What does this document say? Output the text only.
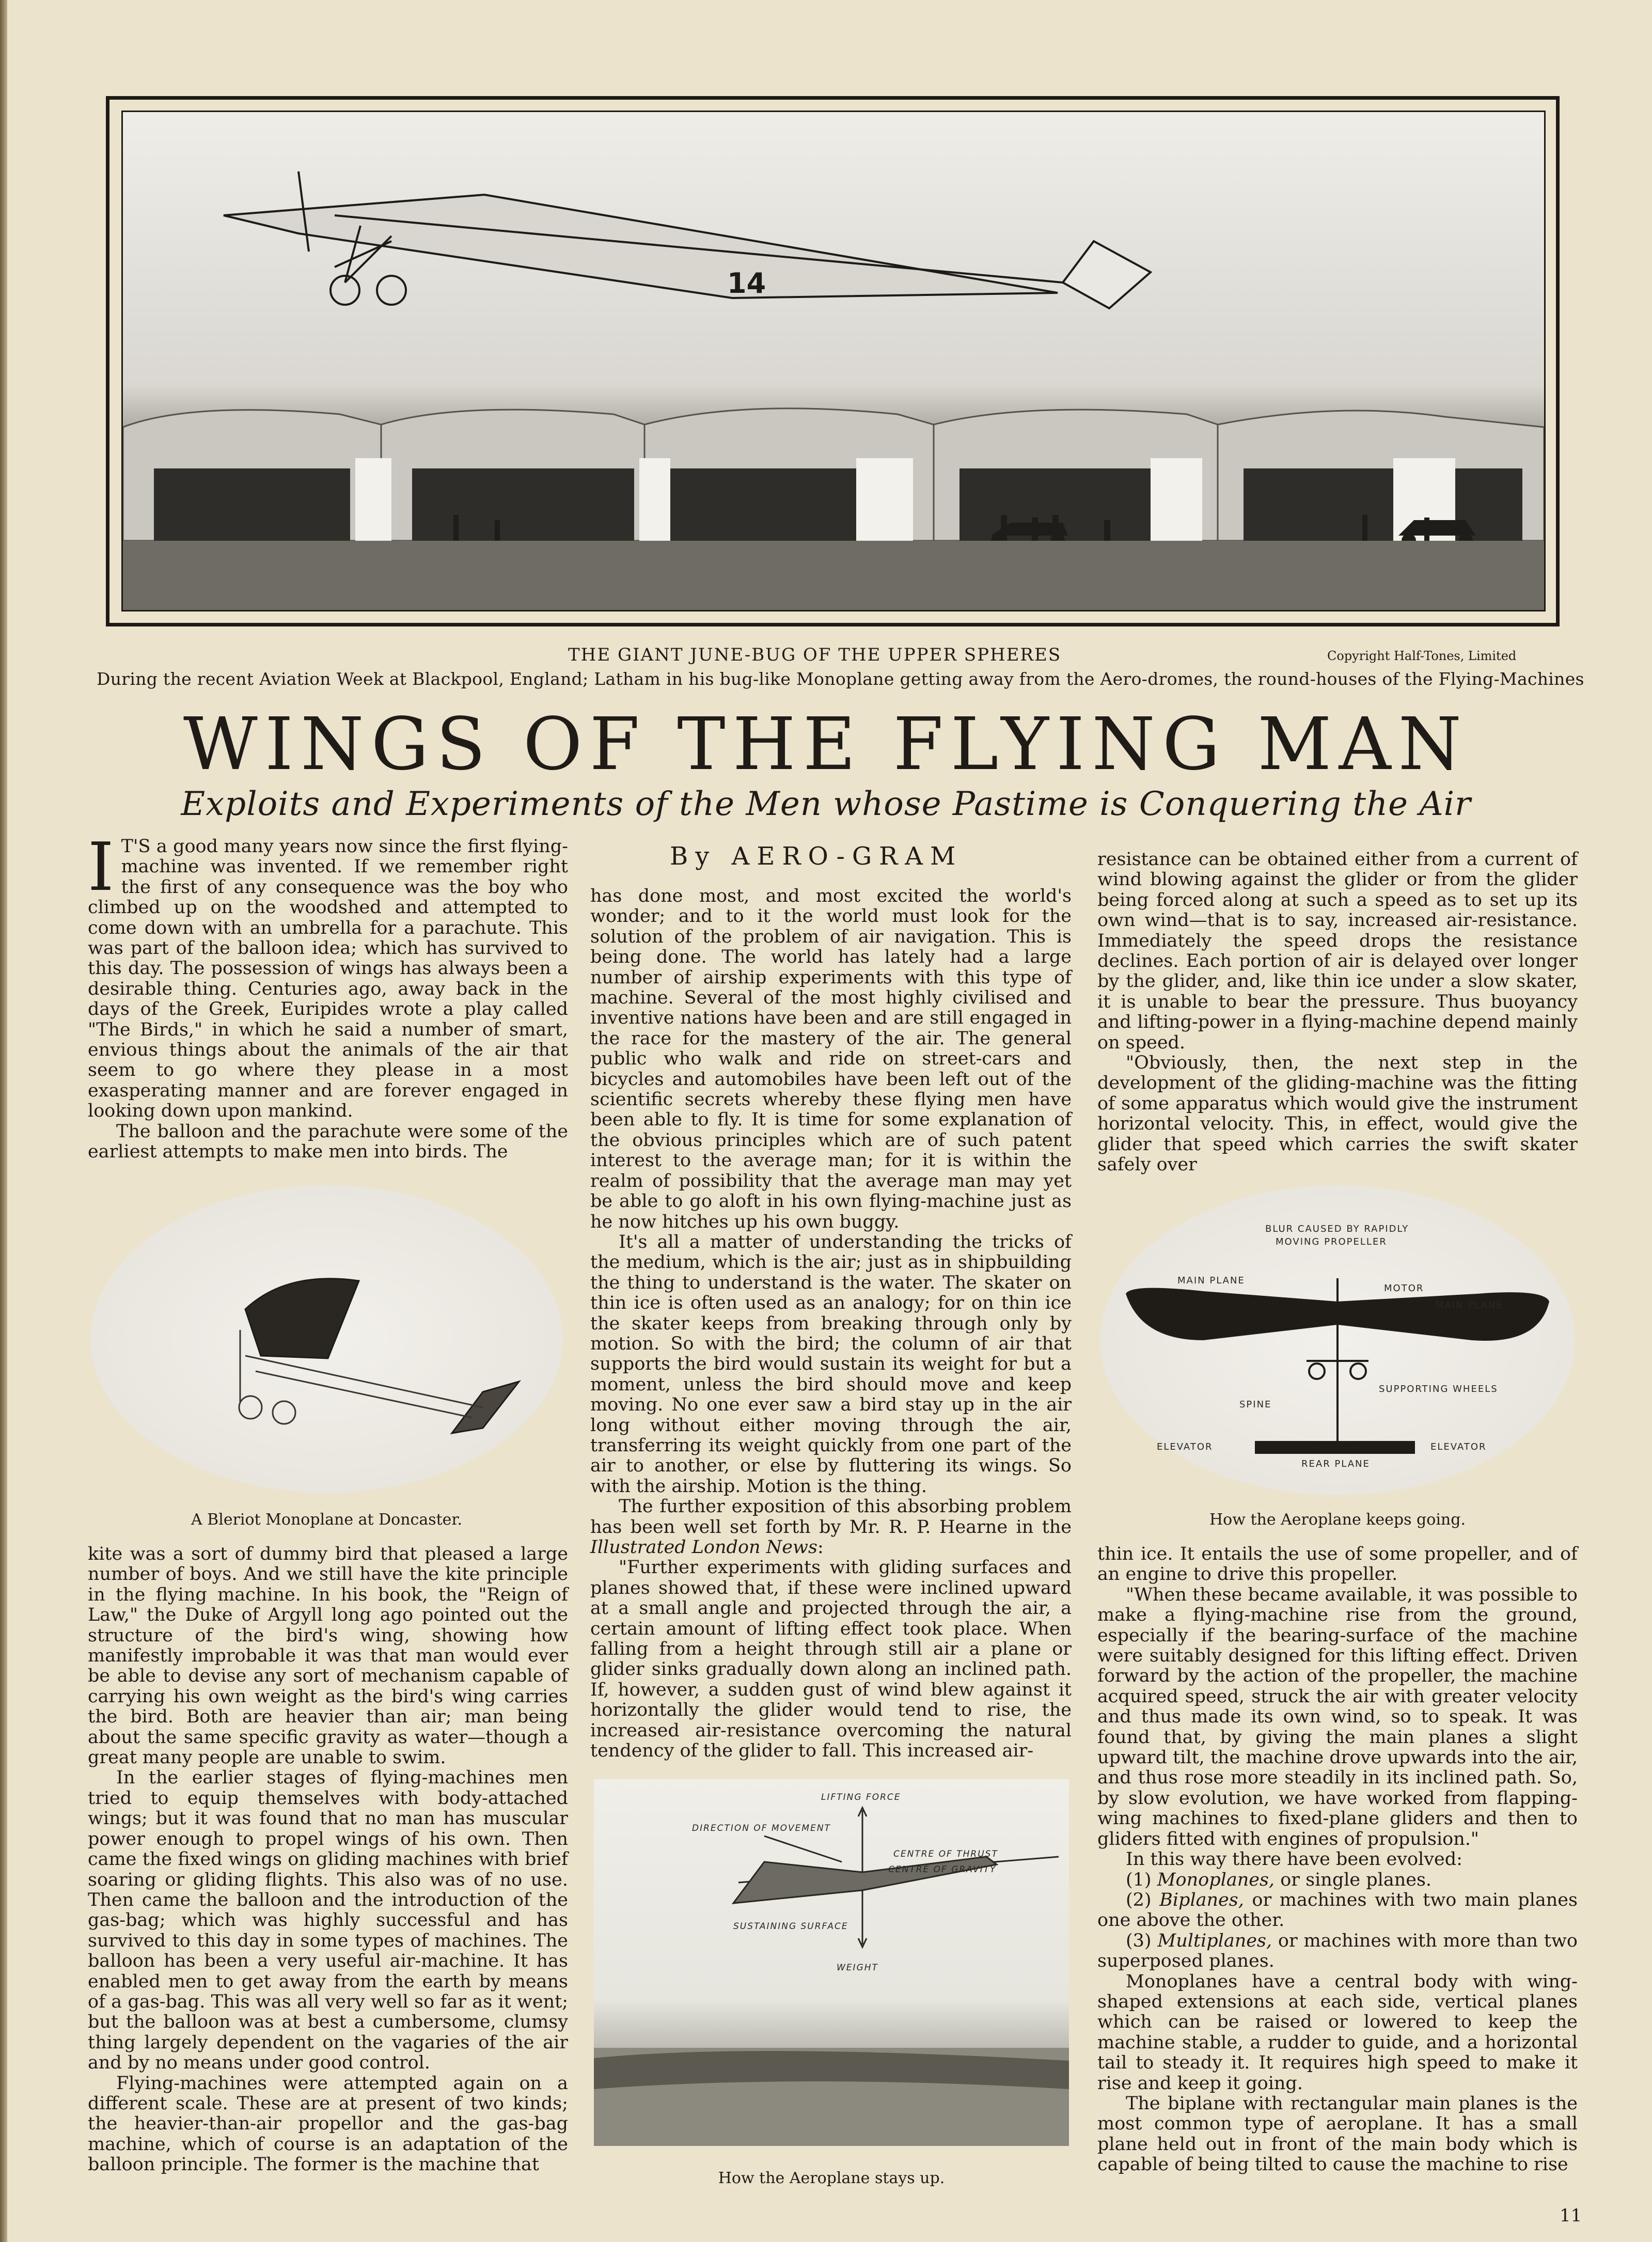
14
THE GIANT JUNE-BUG OF THE UPPER SPHERES	Copyright Half-Tones, Limited
During the recent Aviation Week at Blackpool, England; Latham in his bug-like Monoplane getting away from the Aero-dromes, the round-houses of the Flying-Machines
WINGS OF THE FLYING MAN
Exploits and Experiments of the Men whose Pastime is Conquering the Air
By AERO-GRAM
I T'S a good many years now since the first flying-machine was invented. If we remember right the first of any consequence was the boy who climbed up on the woodshed and attempted to come down with an umbrella for a parachute. This was part of the balloon idea; which has survived to this day. The possession of wings has always been a desirable thing. Centuries ago, away back in the days of the Greek, Euripides wrote a play called "The Birds," in which he said a number of smart, envious things about the animals of the air that seem to go where they please in a most exasperating manner and are forever engaged in looking down upon mankind.

The balloon and the parachute were some of the earliest attempts to make men into birds. The

A Bleriot Monoplane at Doncaster.

kite was a sort of dummy bird that pleased a large number of boys. And we still have the kite principle in the flying machine. In his book, the "Reign of Law," the Duke of Argyll long ago pointed out the structure of the bird's wing, showing how manifestly improbable it was that man would ever be able to devise any sort of mechanism capable of carrying his own weight as the bird's wing carries the bird. Both are heavier than air; man being about the same specific gravity as water—though a great many people are unable to swim.

In the earlier stages of flying-machines men tried to equip themselves with body-attached wings; but it was found that no man has muscular power enough to propel wings of his own. Then came the fixed wings on gliding machines with brief soaring or gliding flights. This also was of no use. Then came the balloon and the introduction of the gas-bag; which was highly successful and has survived to this day in some types of machines. The balloon has been a very useful air-machine. It has enabled men to get away from the earth by means of a gas-bag. This was all very well so far as it went; but the balloon was at best a cumbersome, clumsy thing largely dependent on the vagaries of the air and by no means under good control.

Flying-machines were attempted again on a different scale. These are at present of two kinds; the heavier-than-air propellor and the gas-bag machine, which of course is an adaptation of the balloon principle. The former is the machine that

has done most, and most excited the world's wonder; and to it the world must look for the solution of the problem of air navigation. This is being done. The world has lately had a large number of airship experiments with this type of machine. Several of the most highly civilised and inventive nations have been and are still engaged in the race for the mastery of the air. The general public who walk and ride on street-cars and bicycles and automobiles have been left out of the scientific secrets whereby these flying men have been able to fly. It is time for some explanation of the obvious principles which are of such patent interest to the average man; for it is within the realm of possibility that the average man may yet be able to go aloft in his own flying-machine just as he now hitches up his own buggy.

It's all a matter of understanding the tricks of the medium, which is the air; just as in shipbuilding the thing to understand is the water. The skater on thin ice is often used as an analogy; for on thin ice the skater keeps from breaking through only by motion. So with the bird; the column of air that supports the bird would sustain its weight for but a moment, unless the bird should move and keep moving. No one ever saw a bird stay up in the air long without either moving through the air, transferring its weight quickly from one part of the air to another, or else by fluttering its wings. So with the airship. Motion is the thing.

The further exposition of this absorbing problem has been well set forth by Mr. R. P. Hearne in the Illustrated London News:

"Further experiments with gliding surfaces and planes showed that, if these were inclined upward at a small angle and projected through the air, a certain amount of lifting effect took place. When falling from a height through still air a plane or glider sinks gradually down along an inclined path. If, however, a sudden gust of wind blew against it horizontally the glider would tend to rise, the increased air-resistance overcoming the natural tendency of the glider to fall. This increased air-

LIFTING FORCE
DIRECTION OF MOVEMENT
CENTRE OF THRUST
CENTRE OF GRAVITY
SUSTAINING SURFACE
WEIGHT
How the Aeroplane stays up.

resistance can be obtained either from a current of wind blowing against the glider or from the glider being forced along at such a speed as to set up its own wind—that is to say, increased air-resistance. Immediately the speed drops the resistance declines. Each portion of air is delayed over longer by the glider, and, like thin ice under a slow skater, it is unable to bear the pressure. Thus buoyancy and lifting-power in a flying-machine depend mainly on speed.

"Obviously, then, the next step in the development of the gliding-machine was the fitting of some apparatus which would give the instrument horizontal velocity. This, in effect, would give the glider that speed which carries the swift skater safely over

BLUR CAUSED BY RAPIDLY
MOVING PROPELLER
MAIN PLANE
MOTOR
MAIN PLANE
SUPPORTING WHEELS
SPINE
ELEVATOR	ELEVATOR
REAR PLANE
How the Aeroplane keeps going.

thin ice. It entails the use of some propeller, and of an engine to drive this propeller.

"When these became available, it was possible to make a flying-machine rise from the ground, especially if the bearing-surface of the machine were suitably designed for this lifting effect. Driven forward by the action of the propeller, the machine acquired speed, struck the air with greater velocity and thus made its own wind, so to speak. It was found that, by giving the main planes a slight upward tilt, the machine drove upwards into the air, and thus rose more steadily in its inclined path. So, by slow evolution, we have worked from flapping-wing machines to fixed-plane gliders and then to gliders fitted with engines of propulsion."

In this way there have been evolved:

(1) Monoplanes, or single planes.

(2) Biplanes, or machines with two main planes one above the other.

(3) Multiplanes, or machines with more than two superposed planes.

Monoplanes have a central body with wing-shaped extensions at each side, vertical planes which can be raised or lowered to keep the machine stable, a rudder to guide, and a horizontal tail to steady it. It requires high speed to make it rise and keep it going.

The biplane with rectangular main planes is the most common type of aeroplane. It has a small plane held out in front of the main body which is capable of being tilted to cause the machine to rise

11
